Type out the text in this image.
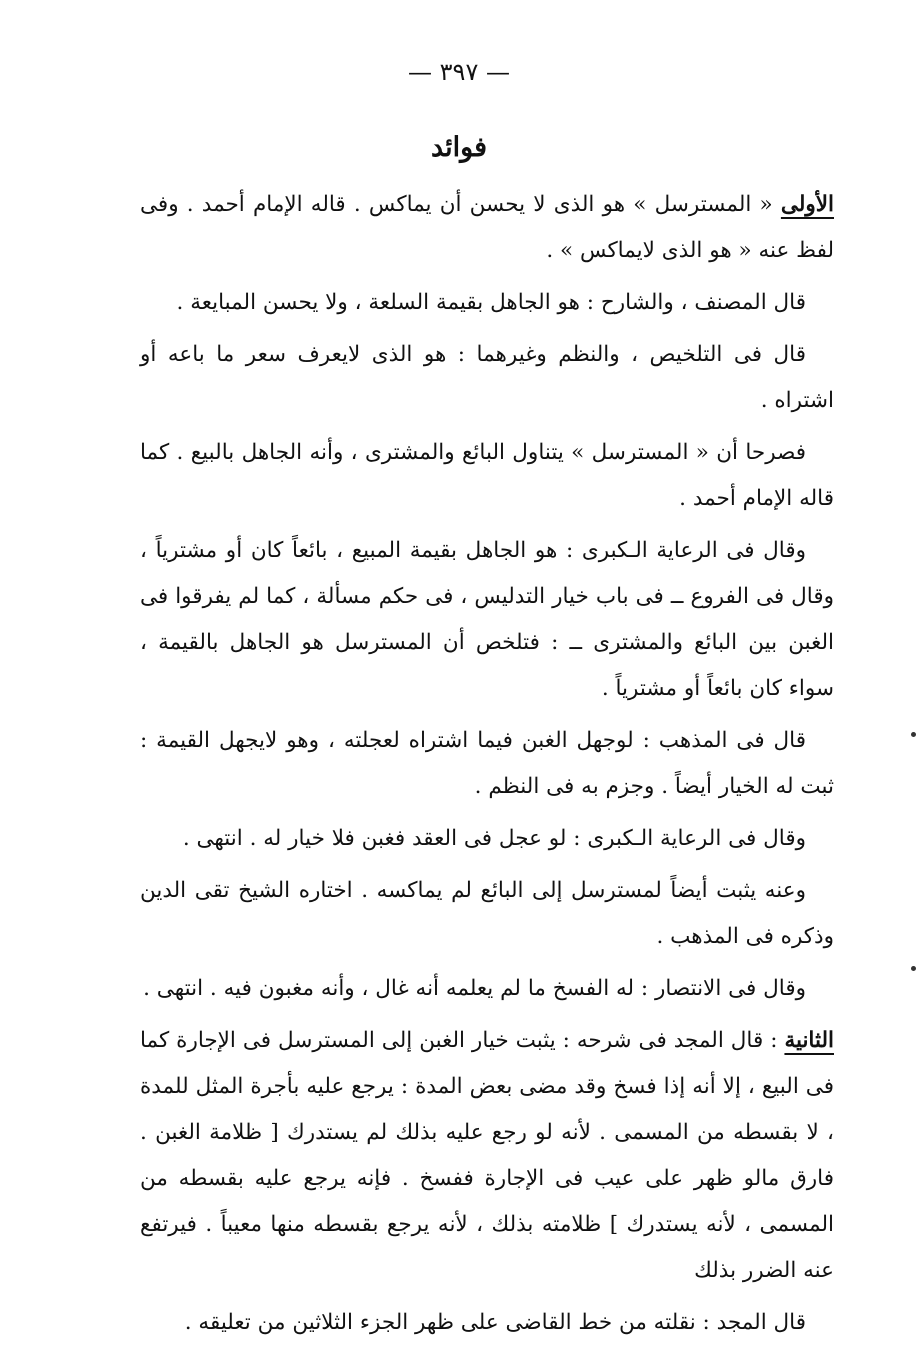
— ٣٩٧ —
فوائد

الأولى « المسترسل » هو الذى لا يحسن أن يماكس . قاله الإمام أحمد . وفى لفظ عنه « هو الذى لايماكس » .

قال المصنف ، والشارح : هو الجاهل بقيمة السلعة ، ولا يحسن المبايعة .

قال فى التلخيص ، والنظم وغيرهما : هو الذى لايعرف سعر ما باعه أو اشتراه .

فصرحا أن « المسترسل » يتناول البائع والمشترى ، وأنه الجاهل بالبيع . كما قاله الإمام أحمد .

وقال فى الرعاية الـكبرى : هو الجاهل بقيمة المبيع ، بائعاً كان أو مشترياً ، وقال فى الفروع ــ فى باب خيار التدليس ، فى حكم مسألة ، كما لم يفرقوا فى الغبن بين البائع والمشترى ــ : فتلخص أن المسترسل هو الجاهل بالقيمة ، سواء كان بائعاً أو مشترياً .

قال فى المذهب : لوجهل الغبن فيما اشتراه لعجلته ، وهو لايجهل القيمة : ثبت له الخيار أيضاً . وجزم به فى النظم .

وقال فى الرعاية الـكبرى : لو عجل فى العقد فغبن فلا خيار له . انتهى .

وعنه يثبت أيضاً لمسترسل إلى البائع لم يماكسه . اختاره الشيخ تقى الدين وذكره فى المذهب .

وقال فى الانتصار : له الفسخ ما لم يعلمه أنه غال ، وأنه مغبون فيه . انتهى .

الثانية : قال المجد فى شرحه : يثبت خيار الغبن إلى المسترسل فى الإجارة كما فى البيع ، إلا أنه إذا فسخ وقد مضى بعض المدة : يرجع عليه بأجرة المثل للمدة ، لا بقسطه من المسمى . لأنه لو رجع عليه بذلك لم يستدرك [ ظلامة الغبن . فارق مالو ظهر على عيب فى الإجارة ففسخ . فإنه يرجع عليه بقسطه من المسمى ، لأنه يستدرك ] ظلامته بذلك ، لأنه يرجع بقسطه منها معيباً . فيرتفع عنه الضرر بذلك

قال المجد : نقلته من خط القاضى على ظهر الجزء الثلاثين من تعليقه .
